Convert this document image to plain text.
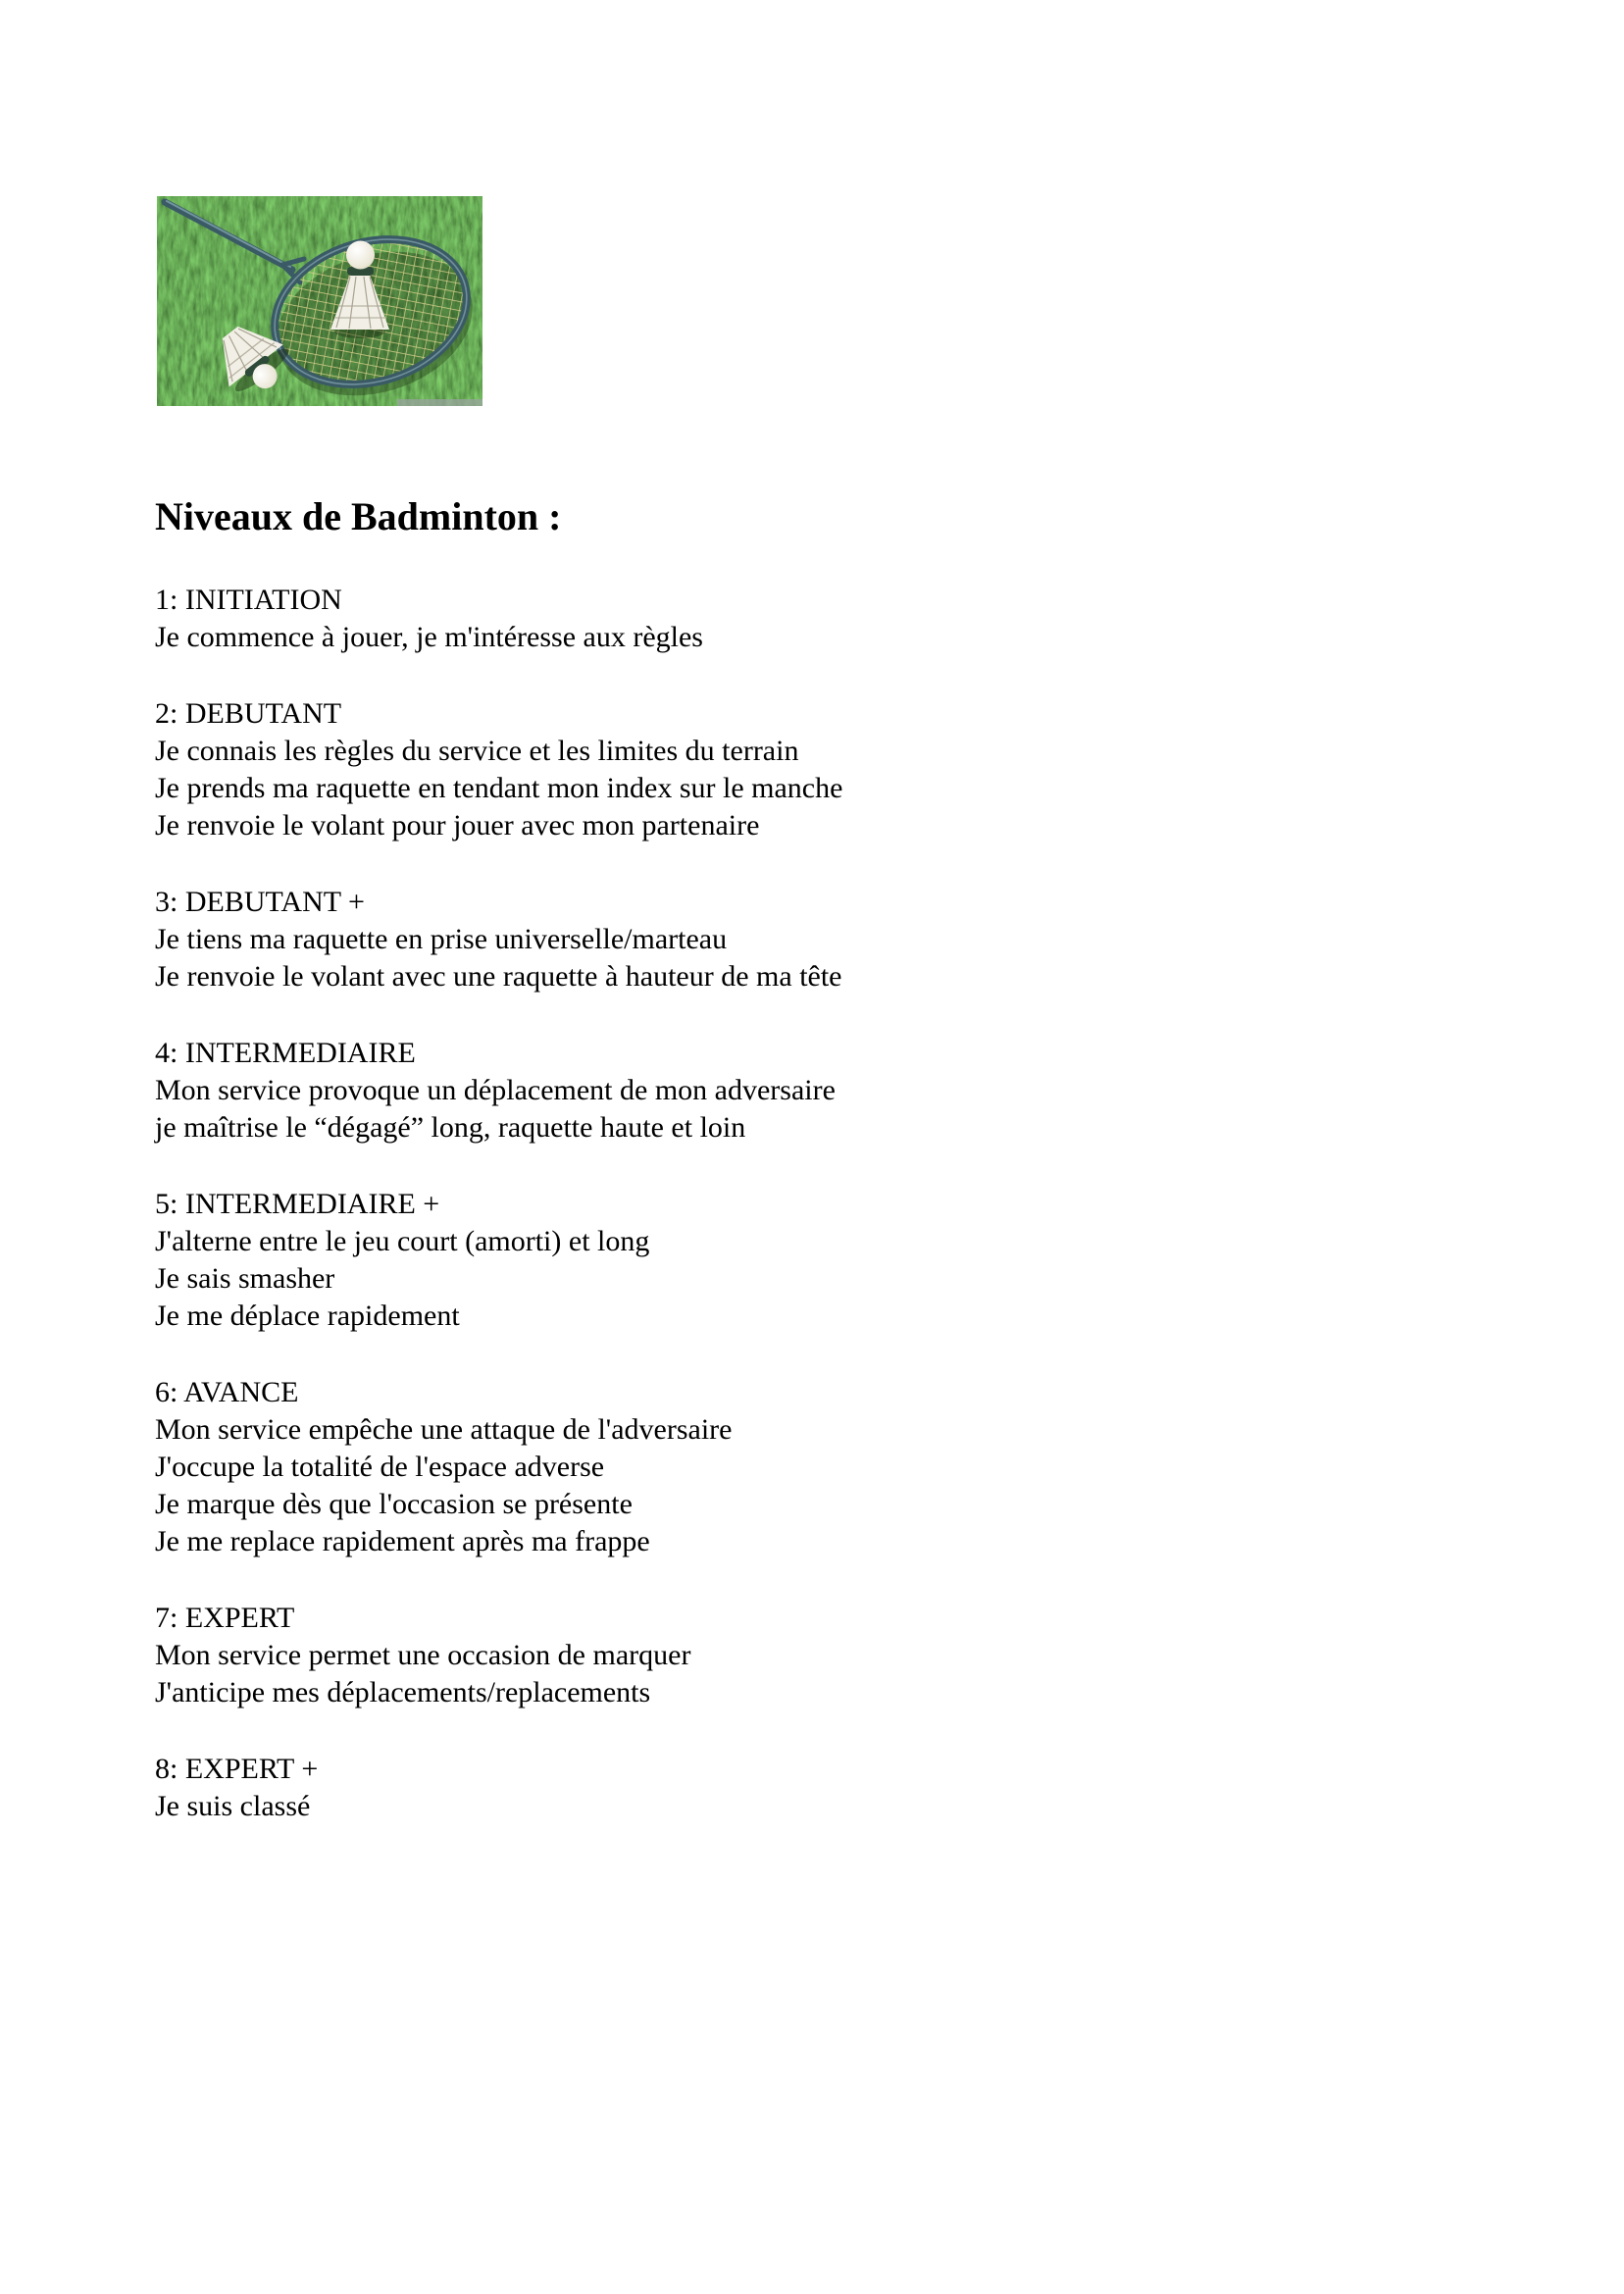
Niveaux de Badminton :

1: INITIATION

Je commence à jouer, je m'intéresse aux règles

2: DEBUTANT

Je connais les règles du service et les limites du terrain

Je prends ma raquette en tendant mon index sur le manche

Je renvoie le volant pour jouer avec mon partenaire

3: DEBUTANT +

Je tiens ma raquette en prise universelle/marteau

Je renvoie le volant avec une raquette à hauteur de ma tête

4: INTERMEDIAIRE

Mon service provoque un déplacement de mon adversaire

je maîtrise le “dégagé” long, raquette haute et loin

5: INTERMEDIAIRE +

J'alterne entre le jeu court (amorti) et long

Je sais smasher

Je me déplace rapidement

6: AVANCE

Mon service empêche une attaque de l'adversaire

J'occupe la totalité de l'espace adverse

Je marque dès que l'occasion se présente

Je me replace rapidement après ma frappe

7: EXPERT

Mon service permet une occasion de marquer

J'anticipe mes déplacements/replacements

8: EXPERT +

Je suis classé
